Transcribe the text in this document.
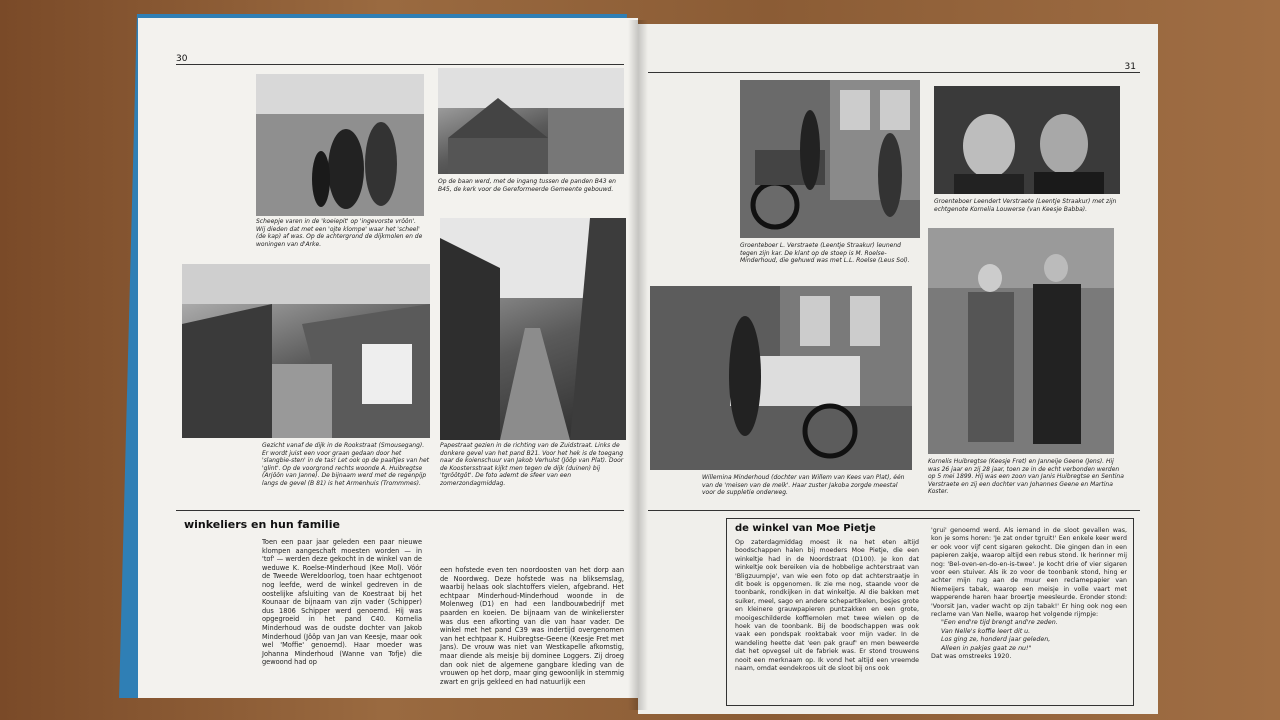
30
Scheepje varen in de 'koeiepit' op 'ingevorste vrôôn'. Wij dieden dat met een 'ojte klompe' waar het 'scheel' (de kap) af was. Op de achtergrond de dijkmolen en de woningen van d'Arke.
Op de baan werd, met de ingang tussen de panden B43 en B45, de kerk voor de Gereformeerde Gemeente gebouwd.
Gezicht vanaf de dijk in de Rookstraat (Smousegang). Er wordt juist een voor graan gedaan door het 'slangbie-sten' in de tas! Let ook op de paaltjes van het 'glint'. Op de voorgrond rechts woonde A. Huibregtse (Arjôôn van Janne). De bijnaam werd met de regenpijp langs de gevel (B 81) is het Armenhuis (Trommmes).
Papestraat gezien in de richting van de Zuidstraat. Links de donkere gevel van het pand B21. Voor het hek is de toegang naar de koienschuur van Jakob Verhulst (Jôôp van Plat). Door de Koostersstraat kijkt men tegen de dijk (duinen) bij 'tgrôôtgôt'. De foto ademt de sfeer van een zomerzondagmiddag.
winkeliers en hun familie
Toen een paar jaar geleden een paar nieuwe klompen aangeschaft moesten worden — in 'tof' — werden deze gekocht in de winkel van de weduwe K. Roelse-Minderhoud (Kee Mol). Vóór de Tweede Wereldoorlog, toen haar echtgenoot nog leefde, werd de winkel gedreven in de oostelijke afsluiting van de Koestraat bij het Kounaar de bijnaam van zijn vader (Schipper) dus 1806 Schipper werd genoemd. Hij was opgegroeid in het pand C40. Kornelia Minderhoud was de oudste dochter van Jakob Minderhoud (Jôôp van Jan van Keesje, maar ook wel 'Moffie' genoemd). Haar moeder was Johanna Minderhoud (Wanne van Tofje) die gewoond had op
een hofstede even ten noordoosten van het dorp aan de Noordweg. Deze hofstede was na bliksemslag, waarbij helaas ook slachtoffers vielen, afgebrand. Het echtpaar Minderhoud-Minderhoud woonde in de Molenweg (D1) en had een landbouwbedrijf met paarden en koeien. De bijnaam van de winkelierster was dus een afkorting van die van haar vader. De winkel met het pand C39 was indertijd overgenomen van het echtpaar K. Huibregtse-Geene (Keesje Fret met Jans). De vrouw was niet van Westkapelle afkomstig, maar diende als meisje bij dominee Loggers. Zij droeg dan ook niet de algemene gangbare kleding van de vrouwen op het dorp, maar ging gewoonlijk in stemmig zwart en grijs gekleed en had natuurlijk een
31
Groenteboer L. Verstraete (Leentje Straakur) leunend tegen zijn kar. De klant op de stoep is M. Roelse-Minderhoud, die gehuwd was met L.L. Roelse (Leus Sol).
Groenteboer Leendert Verstraete (Leentje Straakur) met zijn echtgenote Kornelia Louwerse (van Keesje Babba).
Willemina Minderhoud (dochter van Willem van Kees van Plat), één van de 'meisen van de melk'. Haar zuster Jakoba zorgde meestal voor de suppletie onderweg.
Kornelis Huibregtse (Keesje Fret) en Janneije Geene (Jens). Hij was 26 jaar en zij 28 jaar, toen ze in de echt verbonden werden op 5 mei 1899. Hij was een zoon van Janis Huibregtse en Sentina Verstraete en zij een dochter van Johannes Geene en Martina Koster.
de winkel van Moe Pietje
Op zaterdagmiddag moest ik na het eten altijd boodschappen halen bij moeders Moe Pietje, die een winkeltje had in de Noordstraat (D100). Je kon dat winkeltje ook bereiken via de hobbelige achterstraat van 'Bligzuumpje', van wie een foto op dat achterstraatje in dit boek is opgenomen. Ik zie me nog, staande voor de toonbank, rondkijken in dat winkeltje. Al die bakken met suiker, meel, sago en andere schepartikelen, bosjes grote en kleinere grauwpapieren puntzakken en een grote, mooigeschilderde koffiemolen met twee wielen op de hoek van de toonbank. Bij de boodschappen was ook vaak een pondspak rooktabak voor mijn vader. In de wandeling heette dat 'een pak grauf' en men beweerde dat het opvegsel uit de fabriek was. Er stond trouwens nooit een merknaam op. Ik vond het altijd een vreemde naam, omdat eendekroos uit de sloot bij ons ook
'grui' genoemd werd. Als iemand in de sloot gevallen was, kon je soms horen: 'Je zat onder tgruit!' Een enkele keer werd er ook voor vijf cent sigaren gekocht. Die gingen dan in een papieren zakje, waarop altijd een rebus stond. Ik herinner mij nog: 'Bel-oven-en-do-en-is-twee'. Je kocht drie of vier sigaren voor een stuiver. Als ik zo voor de toonbank stond, hing er achter mijn rug aan de muur een reclamepapier van Niemeijers tabak, waarop een meisje in volle vaart met wapperende haren haar broertje meesleurde. Eronder stond: 'Voorsit Jan, vader wacht op zijn tabak!' Er hing ook nog een reclame van Van Nelle, waarop het volgende rijmpje:
"Een end're tijd brengt and're zeden.
Van Nelle's koffie leert dit u.
Los ging ze, honderd jaar geleden,
Alleen in pakjes gaat ze nu!"
Dat was omstreeks 1920.
